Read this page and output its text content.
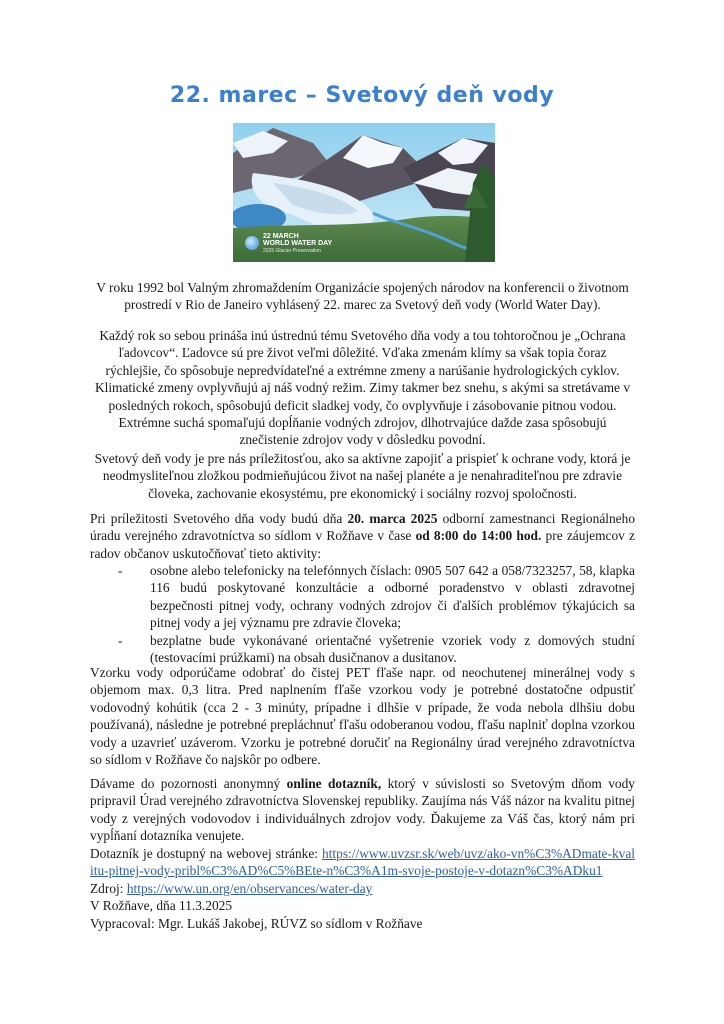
22. marec – Svetový deň vody
22 MARCH
WORLD WATER DAY
2025 Glacier Preservation

V roku 1992 bol Valným zhromaždením Organizácie spojených národov na konferencii o životnom prostredí v Rio de Janeiro vyhlásený 22. marec za Svetový deň vody (World Water Day).

Každý rok so sebou prináša inú ústrednú tému Svetového dňa vody a tou tohtoročnou je „Ochrana ľadovcov“. Ľadovce sú pre život veľmi dôležité. Vďaka zmenám klímy sa však topia čoraz rýchlejšie, čo spôsobuje nepredvídateľné a extrémne zmeny a narúšanie hydrologických cyklov. Klimatické zmeny ovplyvňujú aj náš vodný režim. Zimy takmer bez snehu, s akými sa stretávame v posledných rokoch, spôsobujú deficit sladkej vody, čo ovplyvňuje i zásobovanie pitnou vodou. Extrémne suchá spomaľujú dopĺňanie vodných zdrojov, dlhotrvajúce dažde zasa spôsobujú znečistenie zdrojov vody v dôsledku povodní.

Svetový deň vody je pre nás príležitosťou, ako sa aktívne zapojiť a prispieť k ochrane vody, ktorá je neodmysliteľnou zložkou podmieňujúcou život na našej planéte a je nenahraditeľnou pre zdravie človeka, zachovanie ekosystému, pre ekonomický i sociálny rozvoj spoločnosti.

Pri príležitosti Svetového dňa vody budú dňa 20. marca 2025 odborní zamestnanci Regionálneho úradu verejného zdravotníctva so sídlom v Rožňave v čase od 8:00 do 14:00 hod. pre záujemcov z radov občanov uskutočňovať tieto aktivity:

- osobne alebo telefonicky na telefónnych číslach: 0905 507 642 a 058/7323257, 58, klapka 116 budú poskytované konzultácie a odborné poradenstvo v oblasti zdravotnej bezpečnosti pitnej vody, ochrany vodných zdrojov či ďalších problémov týkajúcich sa pitnej vody a jej významu pre zdravie človeka;
- bezplatne bude vykonávané orientačné vyšetrenie vzoriek vody z domových studní (testovacími prúžkami) na obsah dusičnanov a dusitanov.

Vzorku vody odporúčame odobrať do čistej PET fľaše napr. od neochutenej minerálnej vody s objemom max. 0,3 litra. Pred naplnením fľaše vzorkou vody je potrebné dostatočne odpustiť vodovodný kohútik (cca 2 - 3 minúty, prípadne i dlhšie v prípade, že voda nebola dlhšiu dobu používaná), následne je potrebné prepláchnuť fľašu odoberanou vodou, fľašu naplniť doplna vzorkou vody a uzavrieť uzáverom. Vzorku je potrebné doručiť na Regionálny úrad verejného zdravotníctva so sídlom v Rožňave čo najskôr po odbere.

Dávame do pozornosti anonymný online dotazník, ktorý v súvislosti so Svetovým dňom vody pripravil Úrad verejného zdravotníctva Slovenskej republiky. Zaujíma nás Váš názor na kvalitu pitnej vody z verejných vodovodov i individuálnych zdrojov vody. Ďakujeme za Váš čas, ktorý nám pri vypĺňaní dotazníka venujete.
Dotazník je dostupný na webovej stránke: https://www.uvzsr.sk/web/uvz/ako-vn%C3%ADmate-kvalitu-pitnej-vody-pribl%C3%AD%C5%BEte-n%C3%A1m-svoje-postoje-v-dotazn%C3%ADku1
Zdroj: https://www.un.org/en/observances/water-day
V Rožňave, dňa 11.3.2025
Vypracoval: Mgr. Lukáš Jakobej, RÚVZ so sídlom v Rožňave
